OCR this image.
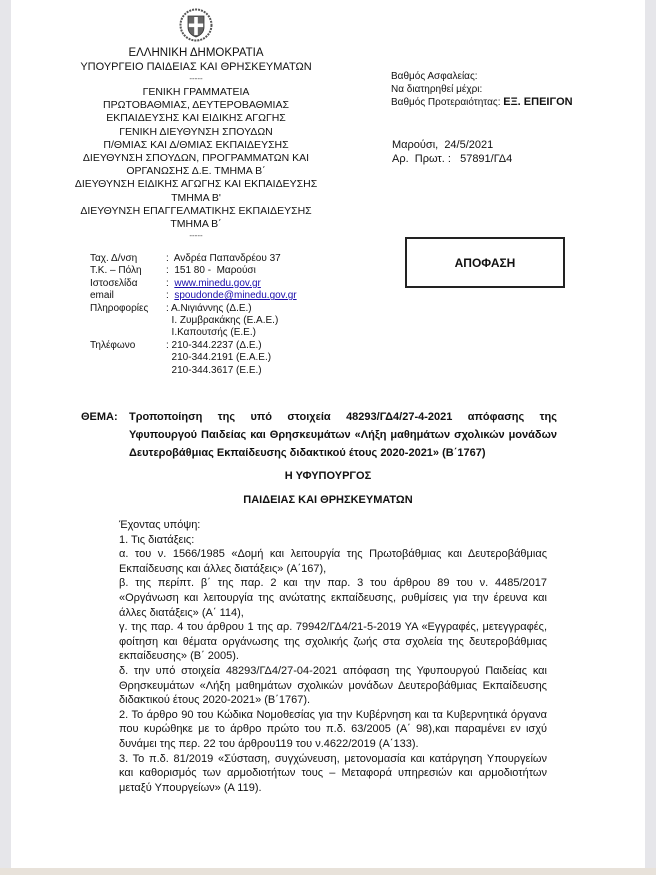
ΕΛΛΗΝΙΚΗ ΔΗΜΟΚΡΑΤΙΑ
ΥΠΟΥΡΓΕΙΟ ΠΑΙΔΕΙΑΣ ΚΑΙ ΘΡΗΣΚΕΥΜΑΤΩΝ
-----
ΓΕΝΙΚΗ ΓΡΑΜΜΑΤΕΙΑ
ΠΡΩΤΟΒΑΘΜΙΑΣ, ΔΕΥΤΕΡΟΒΑΘΜΙΑΣ
ΕΚΠΑΙΔΕΥΣΗΣ ΚΑΙ ΕΙΔΙΚΗΣ ΑΓΩΓΗΣ
ΓΕΝΙΚΗ ΔΙΕΥΘΥΝΣΗ ΣΠΟΥΔΩΝ
Π/ΘΜΙΑΣ ΚΑΙ Δ/ΘΜΙΑΣ ΕΚΠΑΙΔΕΥΣΗΣ
ΔΙΕΥΘΥΝΣΗ ΣΠΟΥΔΩΝ, ΠΡΟΓΡΑΜΜΑΤΩΝ ΚΑΙ
ΟΡΓΑΝΩΣΗΣ Δ.Ε. ΤΜΗΜΑ Β΄
ΔΙΕΥΘΥΝΣΗ ΕΙΔΙΚΗΣ ΑΓΩΓΗΣ ΚΑΙ ΕΚΠΑΙΔΕΥΣΗΣ
ΤΜΗΜΑ Β'
ΔΙΕΥΘΥΝΣΗ ΕΠΑΓΓΕΛΜΑΤΙΚΗΣ ΕΚΠΑΙΔΕΥΣΗΣ
ΤΜΗΜΑ Β΄
-----
Βαθμός Ασφαλείας:
Να διατηρηθεί μέχρι:
Βαθμός Προτεραιότητας: ΕΞ. ΕΠΕΙΓΟΝ
Μαρούσι,  24/5/2021
Αρ.  Πρωτ. :   57891/ΓΔ4
Ταχ. Δ/νση	:  Ανδρέα Παπανδρέου 37
Τ.Κ. – Πόλη	:  151 80 -  Μαρούσι
Ιστοσελίδα	: www.minedu.gov.gr
email	: spoudonde@minedu.gov.gr
Πληροφορίες	: Α.Νιγιάννης (Δ.Ε.)
Ι. Ζυμβρακάκης (Ε.Α.Ε.)
Ι.Καπουτσής (Ε.Ε.)
Τηλέφωνο	: 210-344.2237 (Δ.Ε.)
210-344.2191 (Ε.Α.Ε.)
210-344.3617 (Ε.Ε.)
ΑΠΟΦΑΣΗ
ΘΕΜΑ: Τροποποίηση της υπό στοιχεία 48293/ΓΔ4/27-4-2021 απόφασης της
Υφυπουργού Παιδείας και Θρησκευμάτων «Λήξη μαθημάτων σχολικών μονάδων Δευτεροβάθμιας Εκπαίδευσης διδακτικού έτους 2020-2021» (Β΄1767)
Η ΥΦΥΠΟΥΡΓΟΣ
ΠΑΙΔΕΙΑΣ ΚΑΙ ΘΡΗΣΚΕΥΜΑΤΩΝ

Έχοντας υπόψη:

1. Τις διατάξεις:

α. του ν. 1566/1985 «Δομή και λειτουργία της Πρωτοβάθμιας και Δευτεροβάθμιας Εκπαίδευσης και άλλες διατάξεις» (Α΄167),

β. της περίπτ. β΄ της παρ. 2 και την παρ. 3 του άρθρου 89 του ν. 4485/2017 «Οργάνωση και λειτουργία της ανώτατης εκπαίδευσης, ρυθμίσεις για την έρευνα και άλλες διατάξεις» (Α΄ 114),

γ. της παρ. 4 του άρθρου 1 της αρ. 79942/ΓΔ4/21-5-2019 ΥΑ «Εγγραφές, μετεγγραφές, φοίτηση και θέματα οργάνωσης της σχολικής ζωής στα σχολεία της δευτεροβάθμιας εκπαίδευσης» (Β΄ 2005).

δ. την υπό στοιχεία 48293/ΓΔ4/27-04-2021 απόφαση της Υφυπουργού Παιδείας και Θρησκευμάτων «Λήξη μαθημάτων σχολικών μονάδων Δευτεροβάθμιας Εκπαίδευσης διδακτικού έτους 2020-2021» (Β΄1767).

2. Το άρθρο 90 του Κώδικα Νομοθεσίας για την Κυβέρνηση και τα Κυβερνητικά όργανα που κυρώθηκε με το άρθρο πρώτο του π.δ. 63/2005 (Α΄ 98),και παραμένει εν ισχύ δυνάμει της περ. 22 του άρθρου119 του ν.4622/2019 (Α΄133).

3. Το π.δ. 81/2019 «Σύσταση, συγχώνευση, μετονομασία και κατάργηση Υπουργείων και καθορισμός των αρμοδιοτήτων τους – Μεταφορά υπηρεσιών και αρμοδιοτήτων μεταξύ Υπουργείων» (Α 119).
